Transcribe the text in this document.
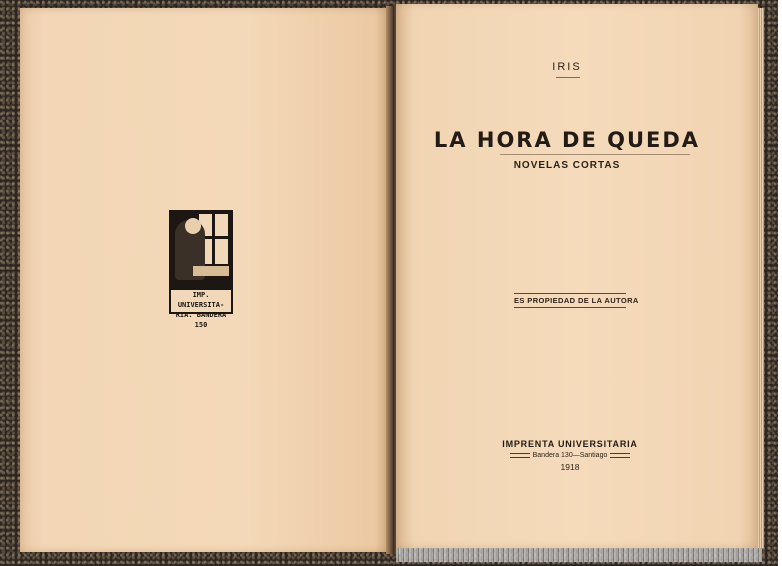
IMP. UNIVERSITA-
RIA. BANDERA 150
IRIS
LA HORA DE QUEDA
NOVELAS CORTAS
ES PROPIEDAD DE LA AUTORA
IMPRENTA UNIVERSITARIA
Bandera 130—Santiago
1918
